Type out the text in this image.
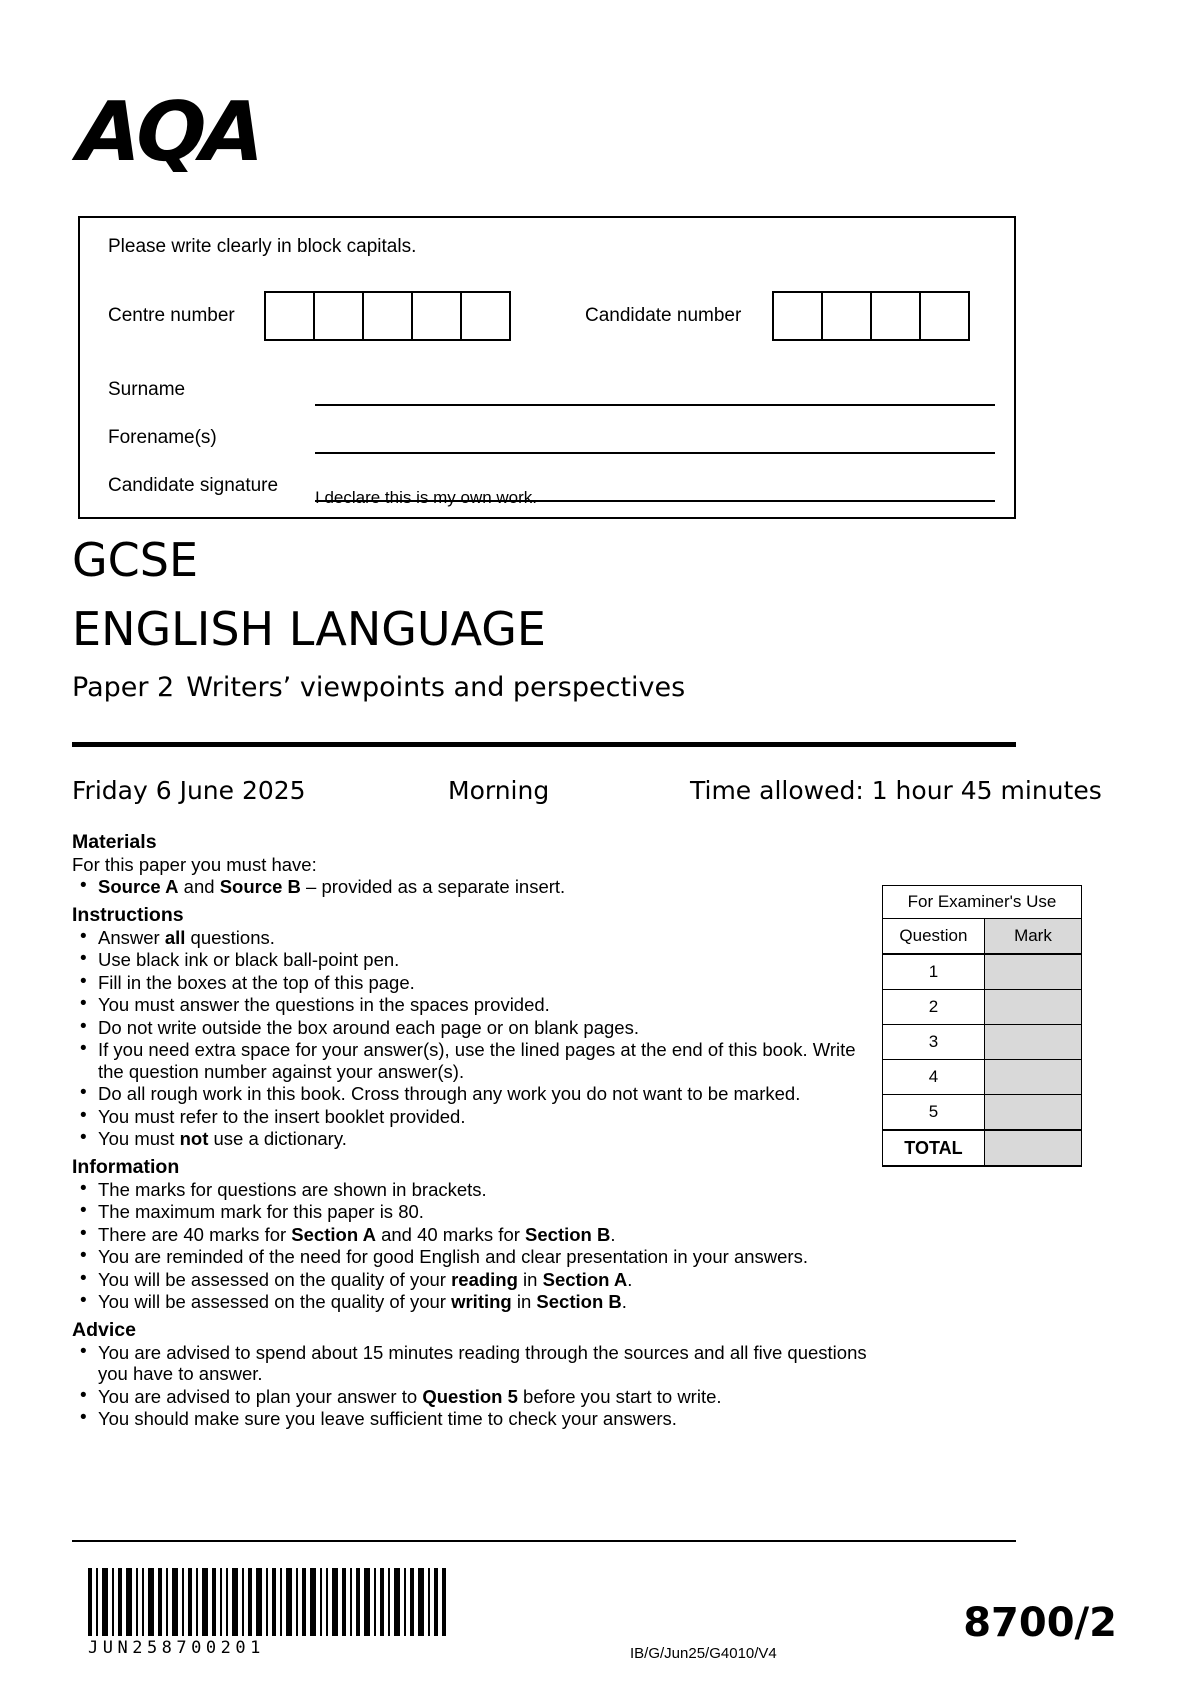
AQA
Please write clearly in block capitals.
Centre number	Candidate number
Surname
Forename(s)
Candidate signature
I declare this is my own work.
GCSE
ENGLISH LANGUAGE
Paper 2 Writers’ viewpoints and perspectives
Friday 6 June 2025	Morning	Time allowed: 1 hour 45 minutes
Materials

For this paper you must have:

• Source A and Source B – provided as a separate insert.
Instructions
• Answer all questions.
• Use black ink or black ball-point pen.
• Fill in the boxes at the top of this page.
• You must answer the questions in the spaces provided.
• Do not write outside the box around each page or on blank pages.
• If you need extra space for your answer(s), use the lined pages at the end of this book. Write the question number against your answer(s).
• Do all rough work in this book. Cross through any work you do not want to be marked.
• You must refer to the insert booklet provided.
• You must not use a dictionary.
Information
• The marks for questions are shown in brackets.
• The maximum mark for this paper is 80.
• There are 40 marks for Section A and 40 marks for Section B.
• You are reminded of the need for good English and clear presentation in your answers.
• You will be assessed on the quality of your reading in Section A.
• You will be assessed on the quality of your writing in Section B.
Advice
• You are advised to spend about 15 minutes reading through the sources and all five questions you have to answer.
• You are advised to plan your answer to Question 5 before you start to write.
• You should make sure you leave sufficient time to check your answers.
For Examiner's Use	
Question	Mark
1	
2	
3	
4	
5	
TOTAL	
JUN258700201	IB/G/Jun25/G4010/V4
8700/2
